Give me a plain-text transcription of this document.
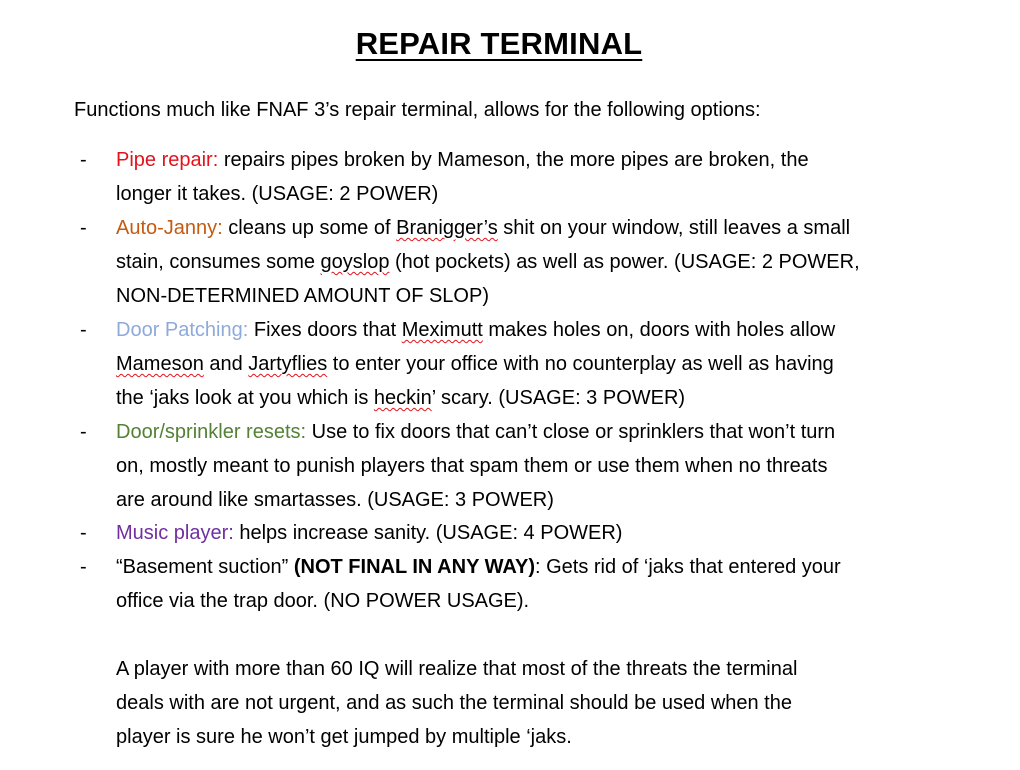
REPAIR TERMINAL
Functions much like FNAF 3’s repair terminal, allows for the following options:
- Pipe repair: repairs pipes broken by Mameson, the more pipes are broken, the
longer it takes. (USAGE: 2 POWER)
- Auto-Janny: cleans up some of Branigger’s shit on your window, still leaves a small
stain, consumes some goyslop (hot pockets) as well as power. (USAGE: 2 POWER,
NON-DETERMINED AMOUNT OF SLOP)
- Door Patching: Fixes doors that Meximutt makes holes on, doors with holes allow
Mameson and Jartyflies to enter your office with no counterplay as well as having
the ‘jaks look at you which is heckin’ scary. (USAGE: 3 POWER)
- Door/sprinkler resets: Use to fix doors that can’t close or sprinklers that won’t turn
on, mostly meant to punish players that spam them or use them when no threats
are around like smartasses. (USAGE: 3 POWER)
- Music player: helps increase sanity. (USAGE: 4 POWER)
- “Basement suction” (NOT FINAL IN ANY WAY): Gets rid of ‘jaks that entered your
office via the trap door. (NO POWER USAGE).
A player with more than 60 IQ will realize that most of the threats the terminal
deals with are not urgent, and as such the terminal should be used when the
player is sure he won’t get jumped by multiple ‘jaks.
